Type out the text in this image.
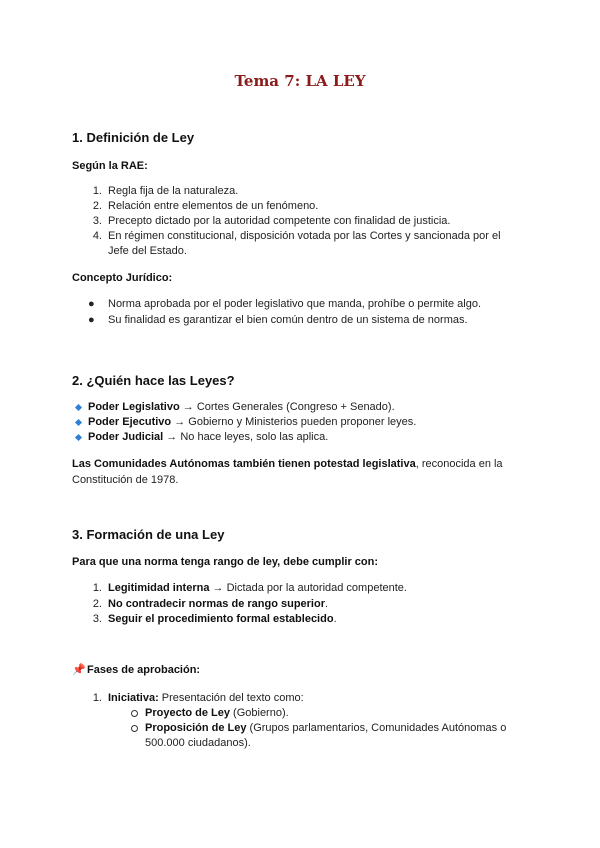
Tema 7: LA LEY
1. Definición de Ley
Según la RAE:
1. Regla fija de la naturaleza.
2. Relación entre elementos de un fenómeno.
3. Precepto dictado por la autoridad competente con finalidad de justicia.
4. En régimen constitucional, disposición votada por las Cortes y sancionada por el Jefe del Estado.
Concepto Jurídico:
● Norma aprobada por el poder legislativo que manda, prohíbe o permite algo.
● Su finalidad es garantizar el bien común dentro de un sistema de normas.
2. ¿Quién hace las Leyes?
Poder Legislativo → Cortes Generales (Congreso + Senado).
Poder Ejecutivo → Gobierno y Ministerios pueden proponer leyes.
Poder Judicial → No hace leyes, solo las aplica.
Las Comunidades Autónomas también tienen potestad legislativa, reconocida en la Constitución de 1978.
3. Formación de una Ley
Para que una norma tenga rango de ley, debe cumplir con:
1. Legitimidad interna → Dictada por la autoridad competente.
2. No contradecir normas de rango superior.
3. Seguir el procedimiento formal establecido.
📌Fases de aprobación:
1. Iniciativa: Presentación del texto como:
Proyecto de Ley (Gobierno).
Proposición de Ley (Grupos parlamentarios, Comunidades Autónomas o 500.000 ciudadanos).
